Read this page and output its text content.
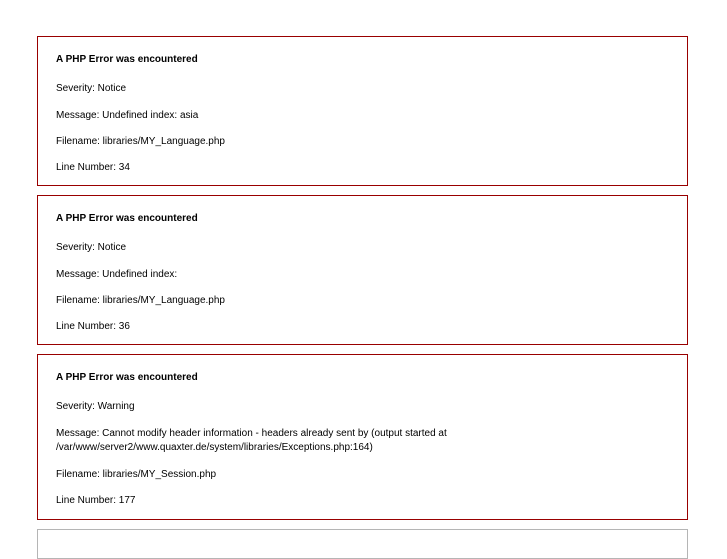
A PHP Error was encountered

Severity: Notice

Message: Undefined index: asia

Filename: libraries/MY_Language.php

Line Number: 34

A PHP Error was encountered

Severity: Notice

Message: Undefined index:

Filename: libraries/MY_Language.php

Line Number: 36

A PHP Error was encountered

Severity: Warning

Message: Cannot modify header information - headers already sent by (output started at

/var/www/server2/www.quaxter.de/system/libraries/Exceptions.php:164)

Filename: libraries/MY_Session.php

Line Number: 177
